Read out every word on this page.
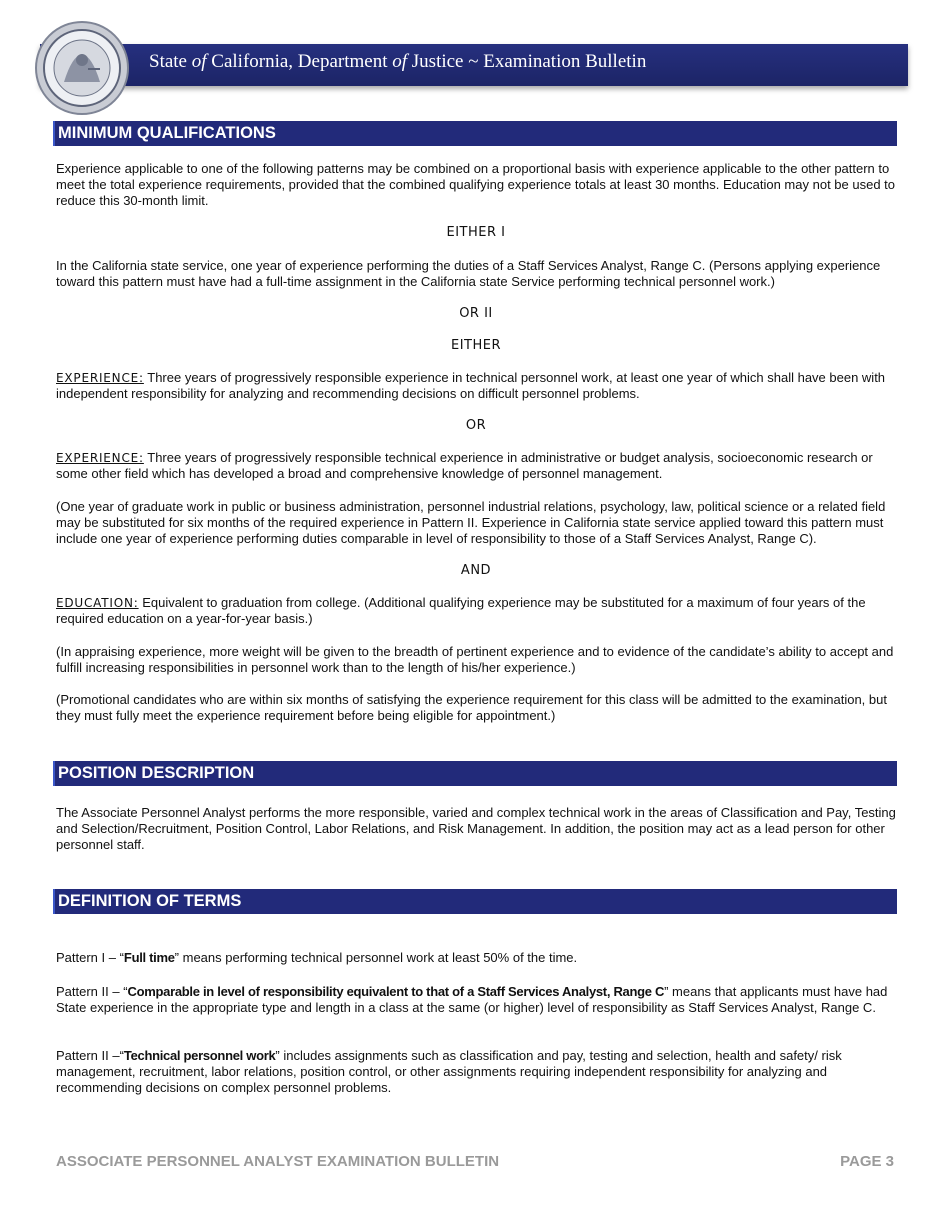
State of California, Department of Justice ~ Examination Bulletin
MINIMUM QUALIFICATIONS

Experience applicable to one of the following patterns may be combined on a proportional basis with experience applicable to the other pattern to meet the total experience requirements, provided that the combined qualifying experience totals at least 30 months. Education may not be used to reduce this 30-month limit.

EITHER I

In the California state service, one year of experience performing the duties of a Staff Services Analyst, Range C. (Persons applying experience toward this pattern must have had a full-time assignment in the California state Service performing technical personnel work.)

OR II
EITHER

EXPERIENCE: Three years of progressively responsible experience in technical personnel work, at least one year of which shall have been with independent responsibility for analyzing and recommending decisions on difficult personnel problems.

OR

EXPERIENCE: Three years of progressively responsible technical experience in administrative or budget analysis, socioeconomic research or some other field which has developed a broad and comprehensive knowledge of personnel management.

(One year of graduate work in public or business administration, personnel industrial relations, psychology, law, political science or a related field may be substituted for six months of the required experience in Pattern II. Experience in California state service applied toward this pattern must include one year of experience performing duties comparable in level of responsibility to those of a Staff Services Analyst, Range C).

AND

EDUCATION: Equivalent to graduation from college. (Additional qualifying experience may be substituted for a maximum of four years of the required education on a year-for-year basis.)

(In appraising experience, more weight will be given to the breadth of pertinent experience and to evidence of the candidate’s ability to accept and fulfill increasing responsibilities in personnel work than to the length of his/her experience.)

(Promotional candidates who are within six months of satisfying the experience requirement for this class will be admitted to the examination, but they must fully meet the experience requirement before being eligible for appointment.)

POSITION DESCRIPTION

The Associate Personnel Analyst performs the more responsible, varied and complex technical work in the areas of Classification and Pay, Testing and Selection/Recruitment, Position Control, Labor Relations, and Risk Management. In addition, the position may act as a lead person for other personnel staff.

DEFINITION OF TERMS

Pattern I – “Full time” means performing technical personnel work at least 50% of the time.

Pattern II – “Comparable in level of responsibility equivalent to that of a Staff Services Analyst, Range C” means that applicants must have had State experience in the appropriate type and length in a class at the same (or higher) level of responsibility as Staff Services Analyst, Range C.

Pattern II –“Technical personnel work” includes assignments such as classification and pay, testing and selection, health and safety/ risk management, recruitment, labor relations, position control, or other assignments requiring independent responsibility for analyzing and recommending decisions on complex personnel problems.

ASSOCIATE PERSONNEL ANALYST EXAMINATION BULLETIN	PAGE 3
